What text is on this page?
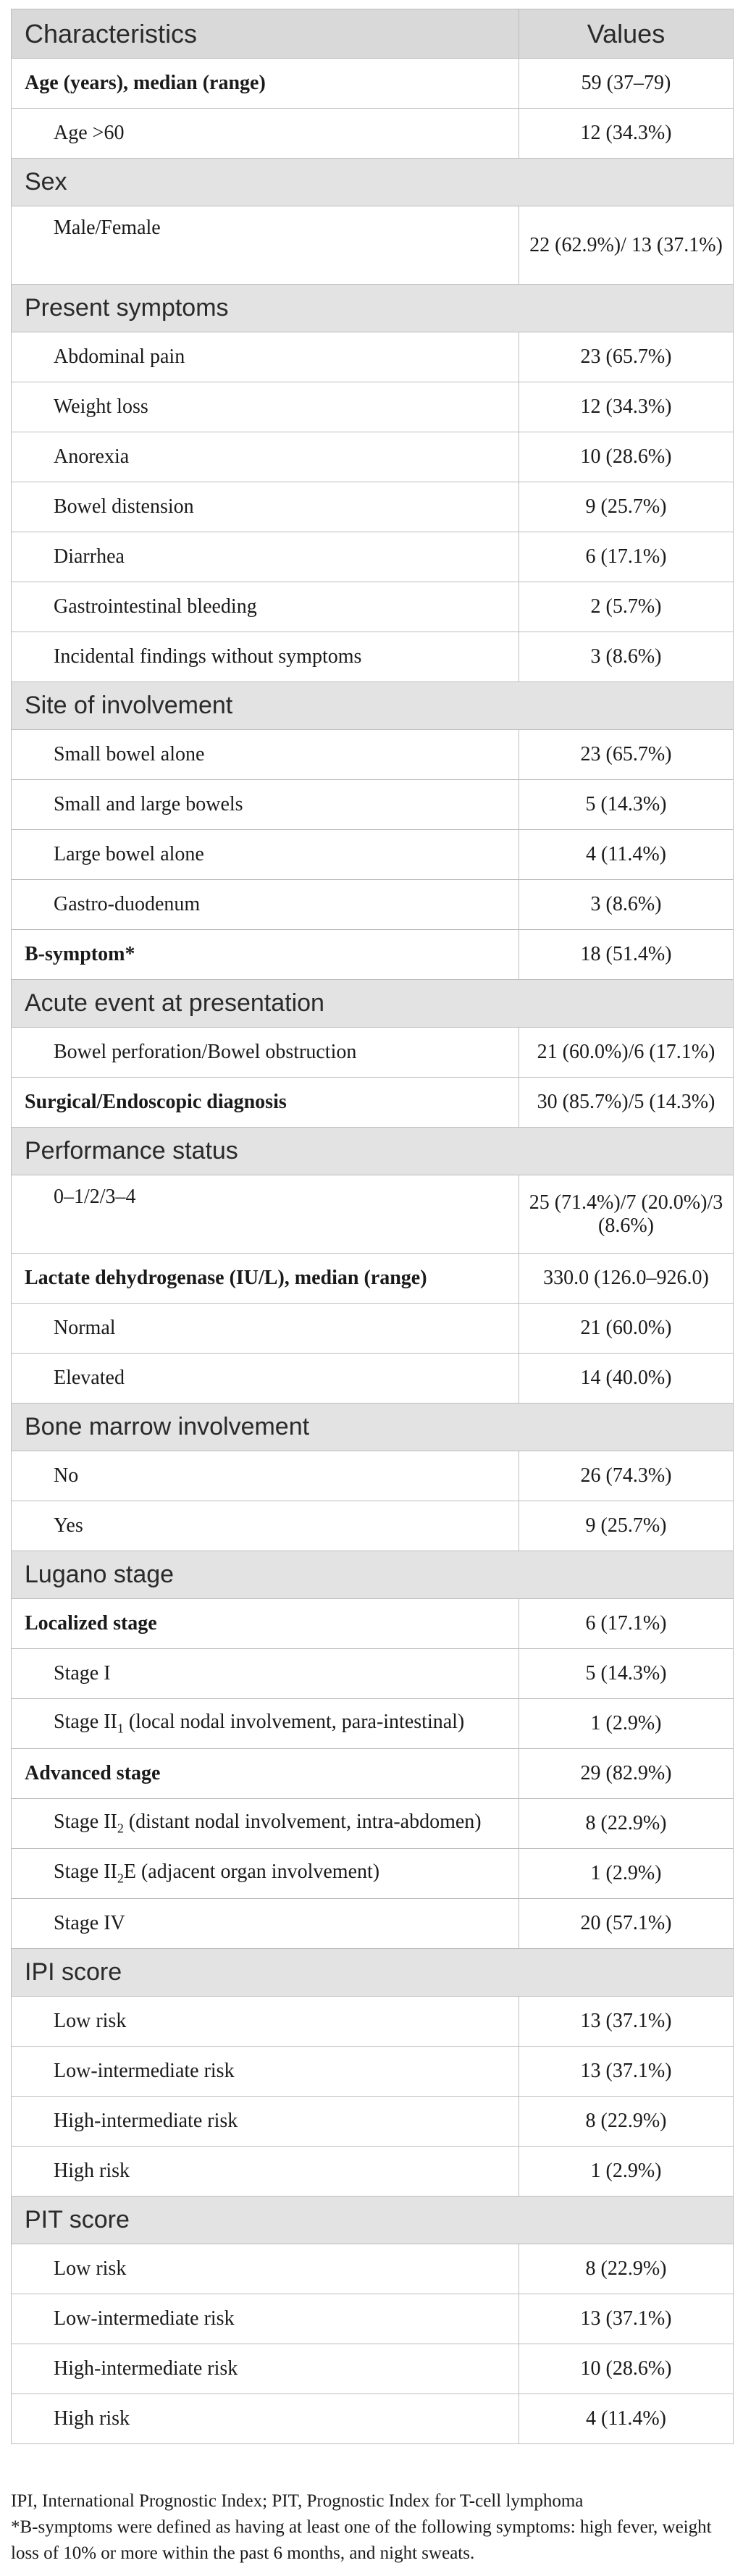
Characteristics	Values
Age (years), median (range)	59 (37–79)
Age >60	12 (34.3%)
Sex	
Male/Female	22 (62.9%)/ 13 (37.1%)
Present symptoms	
Abdominal pain	23 (65.7%)
Weight loss	12 (34.3%)
Anorexia	10 (28.6%)
Bowel distension	9 (25.7%)
Diarrhea	6 (17.1%)
Gastrointestinal bleeding	2 (5.7%)
Incidental findings without symptoms	3 (8.6%)
Site of involvement	
Small bowel alone	23 (65.7%)
Small and large bowels	5 (14.3%)
Large bowel alone	4 (11.4%)
Gastro-duodenum	3 (8.6%)
B-symptom*	18 (51.4%)
Acute event at presentation	
Bowel perforation/Bowel obstruction	21 (60.0%)/6 (17.1%)
Surgical/Endoscopic diagnosis	30 (85.7%)/5 (14.3%)
Performance status	
0–1/2/3–4	25 (71.4%)/7 (20.0%)/3 (8.6%)
Lactate dehydrogenase (IU/L), median (range)	330.0 (126.0–926.0)
Normal	21 (60.0%)
Elevated	14 (40.0%)
Bone marrow involvement	
No	26 (74.3%)
Yes	9 (25.7%)
Lugano stage	
Localized stage	6 (17.1%)
Stage I	5 (14.3%)
Stage $II_1$ (local nodal involvement, para-intestinal)	1 (2.9%)
Advanced stage	29 (82.9%)
Stage $II_2$ (distant nodal involvement, intra-abdomen)	8 (22.9%)
Stage $II_2E$ (adjacent organ involvement)	1 (2.9%)
Stage IV	20 (57.1%)
IPI score	
Low risk	13 (37.1%)
Low-intermediate risk	13 (37.1%)
High-intermediate risk	8 (22.9%)
High risk	1 (2.9%)
PIT score	
Low risk	8 (22.9%)
Low-intermediate risk	13 (37.1%)
High-intermediate risk	10 (28.6%)
High risk	4 (11.4%)

IPI, International Prognostic Index; PIT, Prognostic Index for T-cell lymphoma

*B-symptoms were defined as having at least one of the following symptoms: high fever, weight loss of 10% or more within the past 6 months, and night sweats.
